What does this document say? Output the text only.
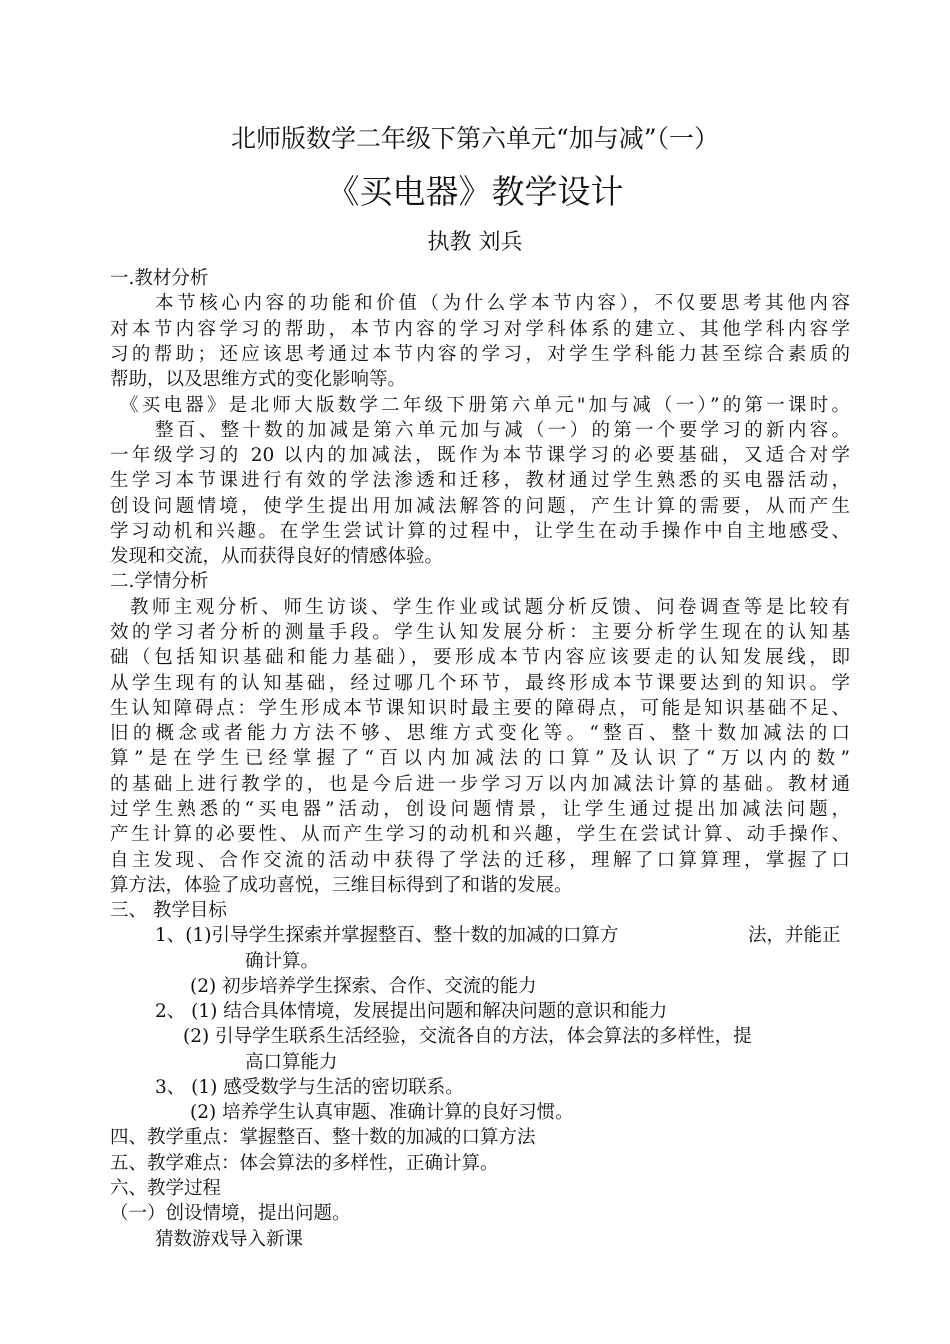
北师版数学二年级下第六单元“加与减”（一）
《买电器》教学设计
执教 刘兵
一.教材分析
本节核心内容的功能和价值（为什么学本节内容），不仅要思考其他内容
对本节内容学习的帮助，本节内容的学习对学科体系的建立、其他学科内容学
习的帮助；还应该思考通过本节内容的学习，对学生学科能力甚至综合素质的
帮助，以及思维方式的变化影响等。
《买电器》是北师大版数学二年级下册第六单元"加与减（一）”的第一课时。
整百、整十数的加减是第六单元加与减（一）的第一个要学习的新内容。
一年级学习的 20 以内的加减法，既作为本节课学习的必要基础，又适合对学
生学习本节课进行有效的学法渗透和迁移，教材通过学生熟悉的买电器活动，
创设问题情境，使学生提出用加减法解答的问题，产生计算的需要，从而产生
学习动机和兴趣。在学生尝试计算的过程中，让学生在动手操作中自主地感受、
发现和交流，从而获得良好的情感体验。
二.学情分析
教师主观分析、师生访谈、学生作业或试题分析反馈、问卷调查等是比较有
效的学习者分析的测量手段。学生认知发展分析：主要分析学生现在的认知基
础（包括知识基础和能力基础），要形成本节内容应该要走的认知发展线，即
从学生现有的认知基础，经过哪几个环节，最终形成本节课要达到的知识。学
生认知障碍点：学生形成本节课知识时最主要的障碍点，可能是知识基础不足、
旧的概念或者能力方法不够、思维方式变化等。“整百、整十数加减法的口
算”是在学生已经掌握了“百以内加减法的口算”及认识了“万以内的数”
的基础上进行教学的，也是今后进一步学习万以内加减法计算的基础。教材通
过学生熟悉的“买电器”活动，创设问题情景，让学生通过提出加减法问题，
产生计算的必要性、从而产生学习的动机和兴趣，学生在尝试计算、动手操作、
自主发现、合作交流的活动中获得了学法的迁移，理解了口算算理，掌握了口
算方法，体验了成功喜悦，三维目标得到了和谐的发展。
三、 教学目标
1、(1)引导学生探索并掌握整百、整十数的加减的口算方	法，并能正
确计算。
(2) 初步培养学生探索、合作、交流的能力
2、 (1) 结合具体情境，发展提出问题和解决问题的意识和能力
(2) 引导学生联系生活经验，交流各自的方法，体会算法的多样性，提
高口算能力
3、 (1) 感受数学与生活的密切联系。
(2) 培养学生认真审题、准确计算的良好习惯。
四、教学重点：掌握整百、整十数的加减的口算方法
五、教学难点：体会算法的多样性，正确计算。
六、教学过程
（一）创设情境，提出问题。
猜数游戏导入新课
